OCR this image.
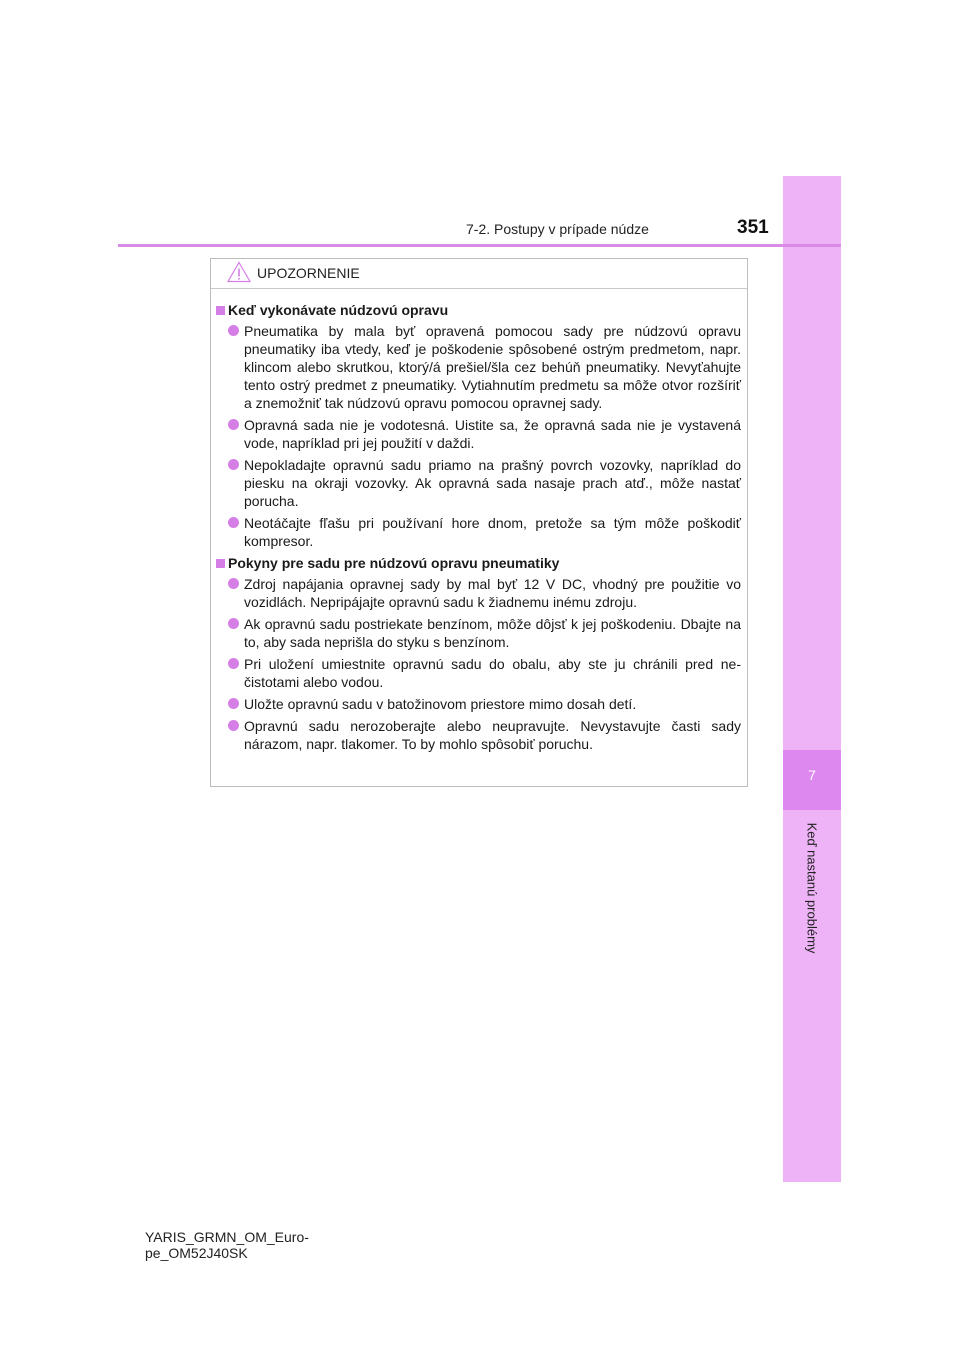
7
Keď nastanú problémy
7-2. Postupy v prípade núdze	351
UPOZORNENIE
Keď vykonávate núdzovú opravu
Pneumatika by mala byť opravená pomocou sady pre núdzovú opravu pneumatiky iba vtedy, keď je poškodenie spôsobené ostrým predmetom, napr. klincom alebo skrutkou, ktorý/á prešiel/šla cez behúň pneumatiky. Nevyťahujte tento ostrý predmet z pneumatiky. Vytiahnutím predmetu sa môže otvor rozšíriť a znemožniť tak núdzovú opravu pomocou opravnej sady.
Opravná sada nie je vodotesná. Uistite sa, že opravná sada nie je vystavená vode, napríklad pri jej použití v daždi.
Nepokladajte opravnú sadu priamo na prašný povrch vozovky, napríklad do piesku na okraji vozovky. Ak opravná sada nasaje prach atď., môže nastať porucha.
Neotáčajte fľašu pri používaní hore dnom, pretože sa tým môže poškodiť kompresor.
Pokyny pre sadu pre núdzovú opravu pneumatiky
Zdroj napájania opravnej sady by mal byť 12 V DC, vhodný pre použitie vo vozidlách. Nepripájajte opravnú sadu k žiadnemu inému zdroju.
Ak opravnú sadu postriekate benzínom, môže dôjsť k jej poškodeniu. Dbajte na to, aby sada neprišla do styku s benzínom.
Pri uložení umiestnite opravnú sadu do obalu, aby ste ju chránili pred nečistotami alebo vodou.
Uložte opravnú sadu v batožinovom priestore mimo dosah detí.
Opravnú sadu nerozoberajte alebo neupravujte. Nevystavujte časti sady nárazom, napr. tlakomer. To by mohlo spôsobiť poruchu.
YARIS_GRMN_OM_Euro-
pe_OM52J40SK
